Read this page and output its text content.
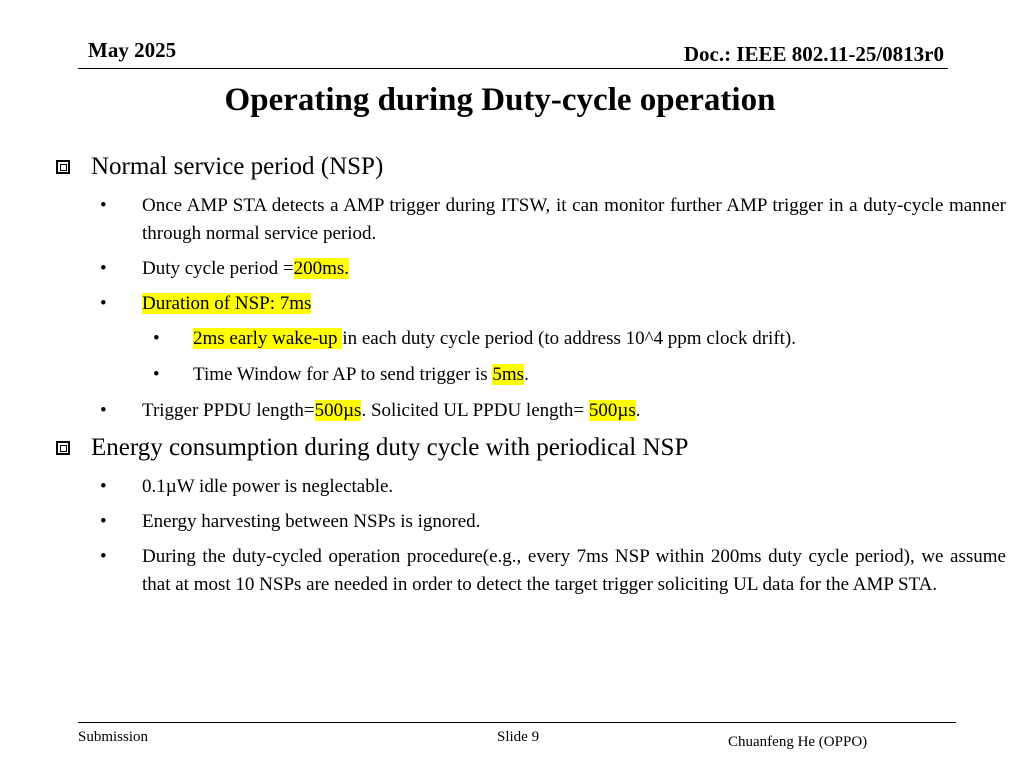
May 2025	Doc.: IEEE 802.11-25/0813r0
Operating during Duty-cycle operation
Normal service period (NSP)
• Once AMP STA detects a AMP trigger during ITSW, it can monitor further AMP trigger in a duty-cycle manner through normal service period.
• Duty cycle period =200ms.
• Duration of NSP: 7ms
• 2ms early wake-up in each duty cycle period (to address 10^4 ppm clock drift).
• Time Window for AP to send trigger is 5ms.
• Trigger PPDU length=500µs. Solicited UL PPDU length= 500µs.
Energy consumption during duty cycle with periodical NSP
• 0.1µW idle power is neglectable.
• Energy harvesting between NSPs is ignored.
• During the duty-cycled operation procedure(e.g., every 7ms NSP within 200ms duty cycle period), we assume that at most 10 NSPs are needed in order to detect the target trigger soliciting UL data for the AMP STA.
Submission	Slide 9	Chuanfeng He (OPPO)
